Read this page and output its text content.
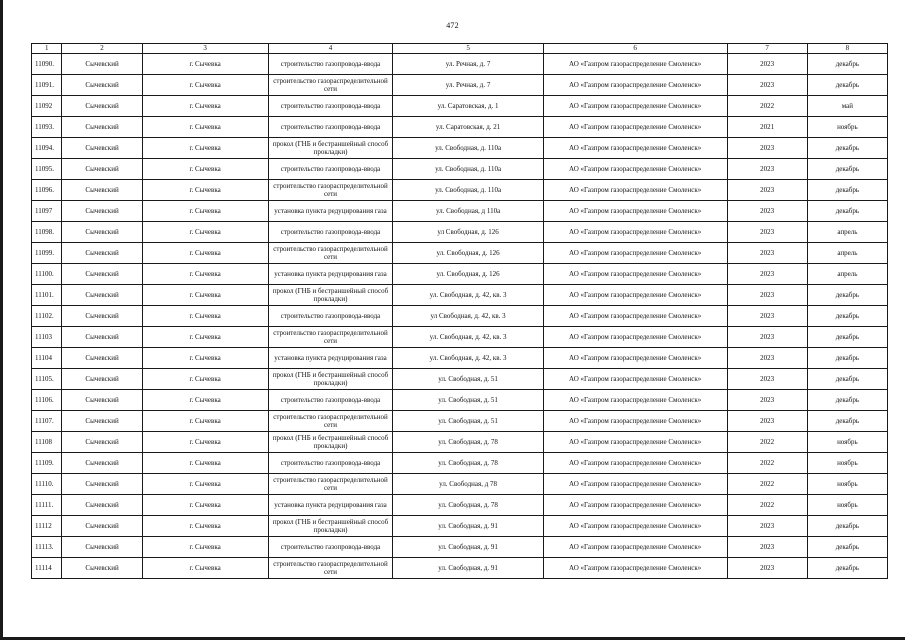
472
1	2	3	4	5	6	7	8
11090.	Сычевский	г. Сычевка	строительство газопровода-ввода	ул. Речная, д. 7	АО «Газпром газораспределение Смоленск»	2023	декабрь
11091.	Сычевский	г. Сычевка	строительство газораспределительной сети	ул. Речная, д. 7	АО «Газпром газораспределение Смоленск»	2023	декабрь
11092	Сычевский	г. Сычевка	строительство газопровода-ввода	ул. Саратовская, д. 1	АО «Газпром газораспределение Смоленск»	2022	май
11093.	Сычевский	г. Сычевка	строительство газопровода-ввода	ул. Саратовская, д. 21	АО «Газпром газораспределение Смоленск»	2021	ноябрь
11094.	Сычевский	г. Сычевка	прокол (ГНБ и бестраншейный способ прокладки)	ул. Свободная, д. 110а	АО «Газпром газораспределение Смоленск»	2023	декабрь
11095.	Сычевский	г. Сычевка	строительство газопровода-ввода	ул. Свободная, д. 110а	АО «Газпром газораспределение Смоленск»	2023	декабрь
11096.	Сычевский	г. Сычевка	строительство газораспределительной сети	ул. Свободная, д. 110а	АО «Газпром газораспределение Смоленск»	2023	декабрь
11097	Сычевский	г. Сычевка	установка пункта редуцирования газа	ул. Свободная, д 110а	АО «Газпром газораспределение Смоленск»	2023	декабрь
11098.	Сычевский	г. Сычевка	строительство газопровода-ввода	ул Свободная, д. 126	АО «Газпром газораспределение Смоленск»	2023	апрель
11099.	Сычевский	г. Сычевка	строительство газораспределительной сети	ул. Свободная, д. 126	АО «Газпром газораспределение Смоленск»	2023	апрель
11100.	Сычевский	г. Сычевка	установка пункта редуцирования газа	ул. Свободная, д. 126	АО «Газпром газораспределение Смоленск»	2023	апрель
11101.	Сычевский	г. Сычевка	прокол (ГНБ и бестраншейный способ прокладки)	ул. Свободная, д. 42, кв. 3	АО «Газпром газораспределение Смоленск»	2023	декабрь
11102.	Сычевский	г. Сычевка	строительство газопровода-ввода	ул Свободная, д. 42, кв. 3	АО «Газпром газораспределение Смоленск»	2023	декабрь
11103	Сычевский	г. Сычевка	строительство газораспределительной сети	ул. Свободная, д. 42, кв. 3	АО «Газпром газораспределение Смоленск»	2023	декабрь
11104	Сычевский	г. Сычевка	установка пункта редуцирования газа	ул. Свободная, д. 42, кв. 3	АО «Газпром газораспределение Смоленск»	2023	декабрь
11105.	Сычевский	г. Сычевка	прокол (ГНБ и бестраншейный способ прокладки)	ул. Свободная, д. 51	АО «Газпром газораспределение Смоленск»	2023	декабрь
11106.	Сычевский	г. Сычевка	строительство газопровода-ввода	ул. Свободная, д. 51	АО «Газпром газораспределение Смоленск»	2023	декабрь
11107.	Сычевский	г. Сычевка	строительство газораспределительной сети	ул. Свободная, д. 51	АО «Газпром газораспределение Смоленск»	2023	декабрь
11108	Сычевский	г. Сычевка	прокол (ГНБ и бестраншейный способ прокладки)	ул. Свободная, д. 78	АО «Газпром газораспределение Смоленск»	2022	ноябрь
11109.	Сычевский	г. Сычевка	строительство газопровода-ввода	ул. Свободная, д. 78	АО «Газпром газораспределение Смоленск»	2022	ноябрь
11110.	Сычевский	г. Сычевка	строительство газораспределительной сети	ул. Свободная, д 78	АО «Газпром газораспределение Смоленск»	2022	ноябрь
11111.	Сычевский	г. Сычевка	установка пункта редуцирования газа	ул. Свободная, д. 78	АО «Газпром газораспределение Смоленск»	2022	ноябрь
11112	Сычевский	г. Сычевка	прокол (ГНБ и бестраншейный способ прокладки)	ул. Свободная, д. 91	АО «Газпром газораспределение Смоленск»	2023	декабрь
11113.	Сычевский	г. Сычевка	строительство газопровода-ввода	ул. Свободная, д. 91	АО «Газпром газораспределение Смоленск»	2023	декабрь
11114	Сычевский	г. Сычевка	строительство газораспределительной сети	ул. Свободная, д. 91	АО «Газпром газораспределение Смоленск»	2023	декабрь
